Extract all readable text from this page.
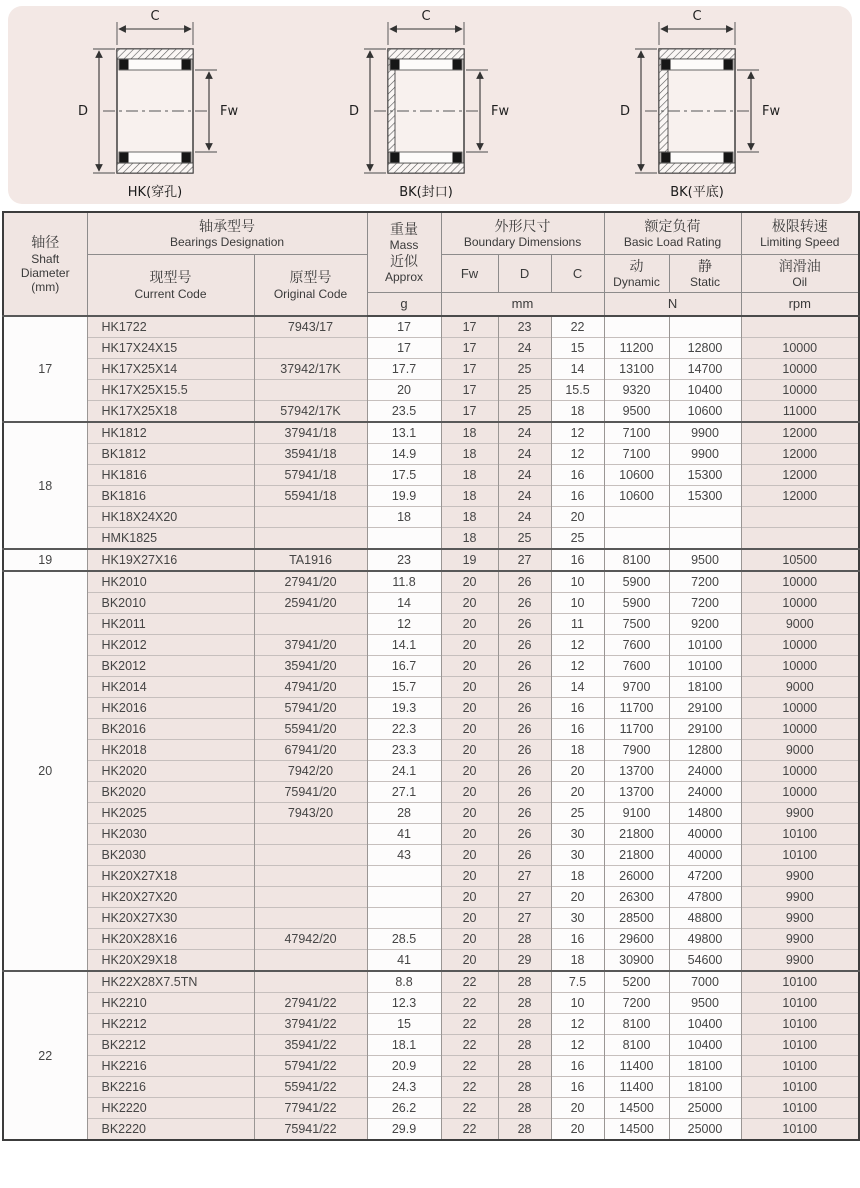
C
D	Fw
HK(穿孔)
C
D	Fw
BK(封口)
C
D	Fw
BK(平底)
轴径
Shaft
Diameter
(mm)

轴承型号
Bearings Designation

重量
Mass
近似
Approx

外形尺寸
Boundary Dimensions

额定负荷
Basic Load Rating

极限转速
Limiting Speed

现型号
Current Code

原型号
Original Code

Fw	D	C	动
Dynamic

静
Static

润滑油
Oil

			g	mm			N		rpm

17	HK1722	7943/17	17	17	23	22			
	HK17X24X15		17	17	24	15	11200	12800	10000
	HK17X25X14	37942/17K	17.7	17	25	14	13100	14700	10000
	HK17X25X15.5		20	17	25	15.5	9320	10400	10000
	HK17X25X18	57942/17K	23.5	17	25	18	9500	10600	11000
18	HK1812	37941/18	13.1	18	24	12	7100	9900	12000
	BK1812	35941/18	14.9	18	24	12	7100	9900	12000
	HK1816	57941/18	17.5	18	24	16	10600	15300	12000
	BK1816	55941/18	19.9	18	24	16	10600	15300	12000
	HK18X24X20		18	18	24	20			
	HMK1825			18	25	25			
19	HK19X27X16	TA1916	23	19	27	16	8100	9500	10500
20	HK2010	27941/20	11.8	20	26	10	5900	7200	10000
	BK2010	25941/20	14	20	26	10	5900	7200	10000
	HK2011		12	20	26	11	7500	9200	9000
	HK2012	37941/20	14.1	20	26	12	7600	10100	10000
	BK2012	35941/20	16.7	20	26	12	7600	10100	10000
	HK2014	47941/20	15.7	20	26	14	9700	18100	9000
	HK2016	57941/20	19.3	20	26	16	11700	29100	10000
	BK2016	55941/20	22.3	20	26	16	11700	29100	10000
	HK2018	67941/20	23.3	20	26	18	7900	12800	9000
	HK2020	7942/20	24.1	20	26	20	13700	24000	10000
	BK2020	75941/20	27.1	20	26	20	13700	24000	10000
	HK2025	7943/20	28	20	26	25	9100	14800	9900
	HK2030		41	20	26	30	21800	40000	10100
	BK2030		43	20	26	30	21800	40000	10100
	HK20X27X18			20	27	18	26000	47200	9900
	HK20X27X20			20	27	20	26300	47800	9900
	HK20X27X30			20	27	30	28500	48800	9900
	HK20X28X16	47942/20	28.5	20	28	16	29600	49800	9900
	HK20X29X18		41	20	29	18	30900	54600	9900
22	HK22X28X7.5TN		8.8	22	28	7.5	5200	7000	10100
	HK2210	27941/22	12.3	22	28	10	7200	9500	10100
	HK2212	37941/22	15	22	28	12	8100	10400	10100
	BK2212	35941/22	18.1	22	28	12	8100	10400	10100
	HK2216	57941/22	20.9	22	28	16	11400	18100	10100
	BK2216	55941/22	24.3	22	28	16	11400	18100	10100
	HK2220	77941/22	26.2	22	28	20	14500	25000	10100
	BK2220	75941/22	29.9	22	28	20	14500	25000	10100
